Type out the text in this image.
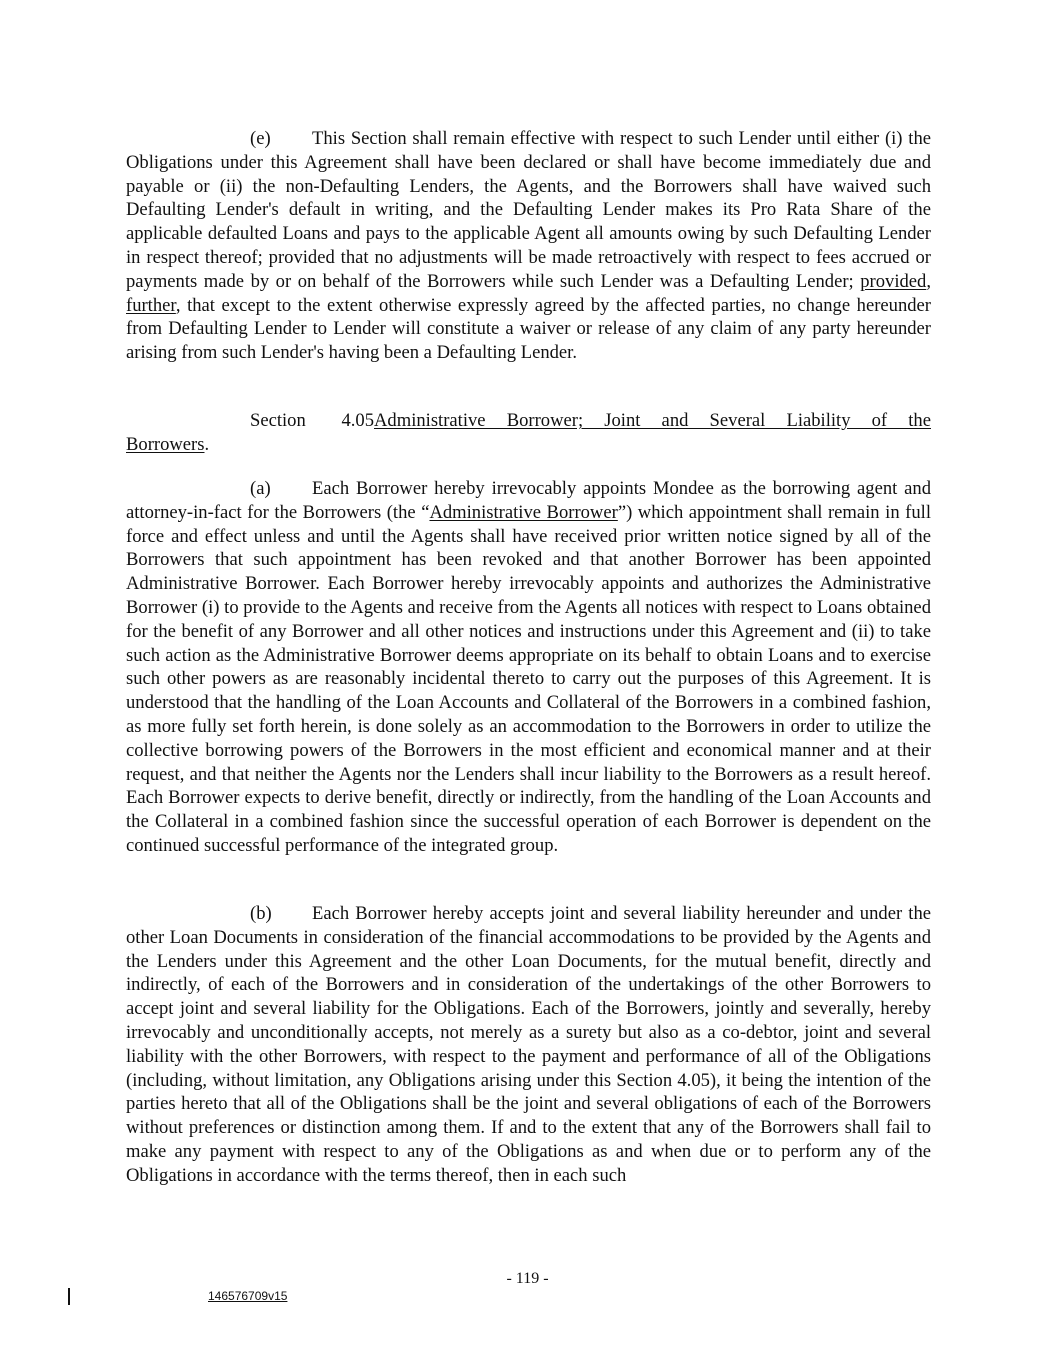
(e) This Section shall remain effective with respect to such Lender until either (i) the Obligations under this Agreement shall have been declared or shall have become immediately due and payable or (ii) the non-Defaulting Lenders, the Agents, and the Borrowers shall have waived such Defaulting Lender's default in writing, and the Defaulting Lender makes its Pro Rata Share of the applicable defaulted Loans and pays to the applicable Agent all amounts owing by such Defaulting Lender in respect thereof; provided that no adjustments will be made retroactively with respect to fees accrued or payments made by or on behalf of the Borrowers while such Lender was a Defaulting Lender; provided, further, that except to the extent otherwise expressly agreed by the affected parties, no change hereunder from Defaulting Lender to Lender will constitute a waiver or release of any claim of any party hereunder arising from such Lender's having been a Defaulting Lender.
Section 4.05Administrative Borrower; Joint and Several Liability of the
Borrowers.
(a) Each Borrower hereby irrevocably appoints Mondee as the borrowing agent and attorney-in-fact for the Borrowers (the “Administrative Borrower”) which appointment shall remain in full force and effect unless and until the Agents shall have received prior written notice signed by all of the Borrowers that such appointment has been revoked and that another Borrower has been appointed Administrative Borrower. Each Borrower hereby irrevocably appoints and authorizes the Administrative Borrower (i) to provide to the Agents and receive from the Agents all notices with respect to Loans obtained for the benefit of any Borrower and all other notices and instructions under this Agreement and (ii) to take such action as the Administrative Borrower deems appropriate on its behalf to obtain Loans and to exercise such other powers as are reasonably incidental thereto to carry out the purposes of this Agreement. It is understood that the handling of the Loan Accounts and Collateral of the Borrowers in a combined fashion, as more fully set forth herein, is done solely as an accommodation to the Borrowers in order to utilize the collective borrowing powers of the Borrowers in the most efficient and economical manner and at their request, and that neither the Agents nor the Lenders shall incur liability to the Borrowers as a result hereof. Each Borrower expects to derive benefit, directly or indirectly, from the handling of the Loan Accounts and the Collateral in a combined fashion since the successful operation of each Borrower is dependent on the continued successful performance of the integrated group.
(b) Each Borrower hereby accepts joint and several liability hereunder and under the other Loan Documents in consideration of the financial accommodations to be provided by the Agents and the Lenders under this Agreement and the other Loan Documents, for the mutual benefit, directly and indirectly, of each of the Borrowers and in consideration of the undertakings of the other Borrowers to accept joint and several liability for the Obligations. Each of the Borrowers, jointly and severally, hereby irrevocably and unconditionally accepts, not merely as a surety but also as a co-debtor, joint and several liability with the other Borrowers, with respect to the payment and performance of all of the Obligations (including, without limitation, any Obligations arising under this Section 4.05), it being the intention of the parties hereto that all of the Obligations shall be the joint and several obligations of each of the Borrowers without preferences or distinction among them. If and to the extent that any of the Borrowers shall fail to make any payment with respect to any of the Obligations as and when due or to perform any of the Obligations in accordance with the terms thereof, then in each such
- 119 -
146576709v15
